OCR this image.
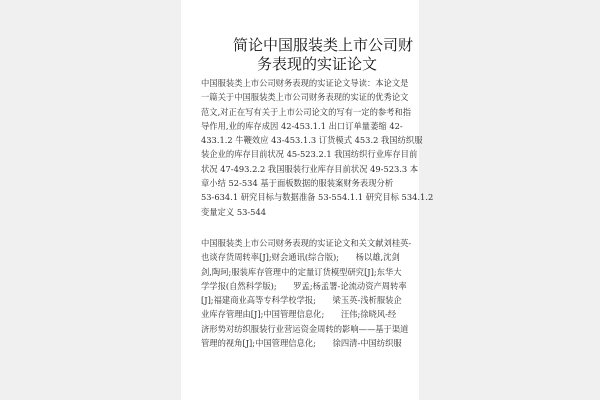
简论中国服装类上市公司财
务表现的实证论文
中国服装类上市公司财务表现的实证论文导读：本论文是
一篇关于中国服装类上市公司财务表现的实证的优秀论文
范文,对正在写有关于上市公司论文的写有一定的参考和指
导作用,业的库存成因 42-453.1.1 出口订单量萎缩 42-
433.1.2 牛鞭效应 43-453.1.3 订货模式 453.2 我国纺织服
装企业的库存目前状况 45-523.2.1 我国纺织行业库存目前
状况 47-493.2.2 我国服装行业库存目前状况 49-523.3 本
章小结 52-534 基于面板数据的服装案财务表现分析
53-634.1 研究目标与数据准备 53-554.1.1 研究目标 534.1.2
变量定义 53-544
中国服装类上市公司财务表现的实证论文和关文献刘桂英-
也谈存货周转率[J];财会通讯(综合版);　　杨以雄,沈剑
剑,陶珂;服装库存管理中的定量订货模型研究[J];东华大
学学报(自然科学版);　　罗孟;杨孟署-论流动资产周转率
[J];福建商业高等专科学校学报;　　梁玉英-浅析服装企
业库存管理由[J];中国管理信息化;　　汪伟;徐晓风-经
济形势对纺织服装行业营运资金周转的影响——基于渠道
管理的视角[J];中国管理信息化;　　徐四清-中国纺织服
